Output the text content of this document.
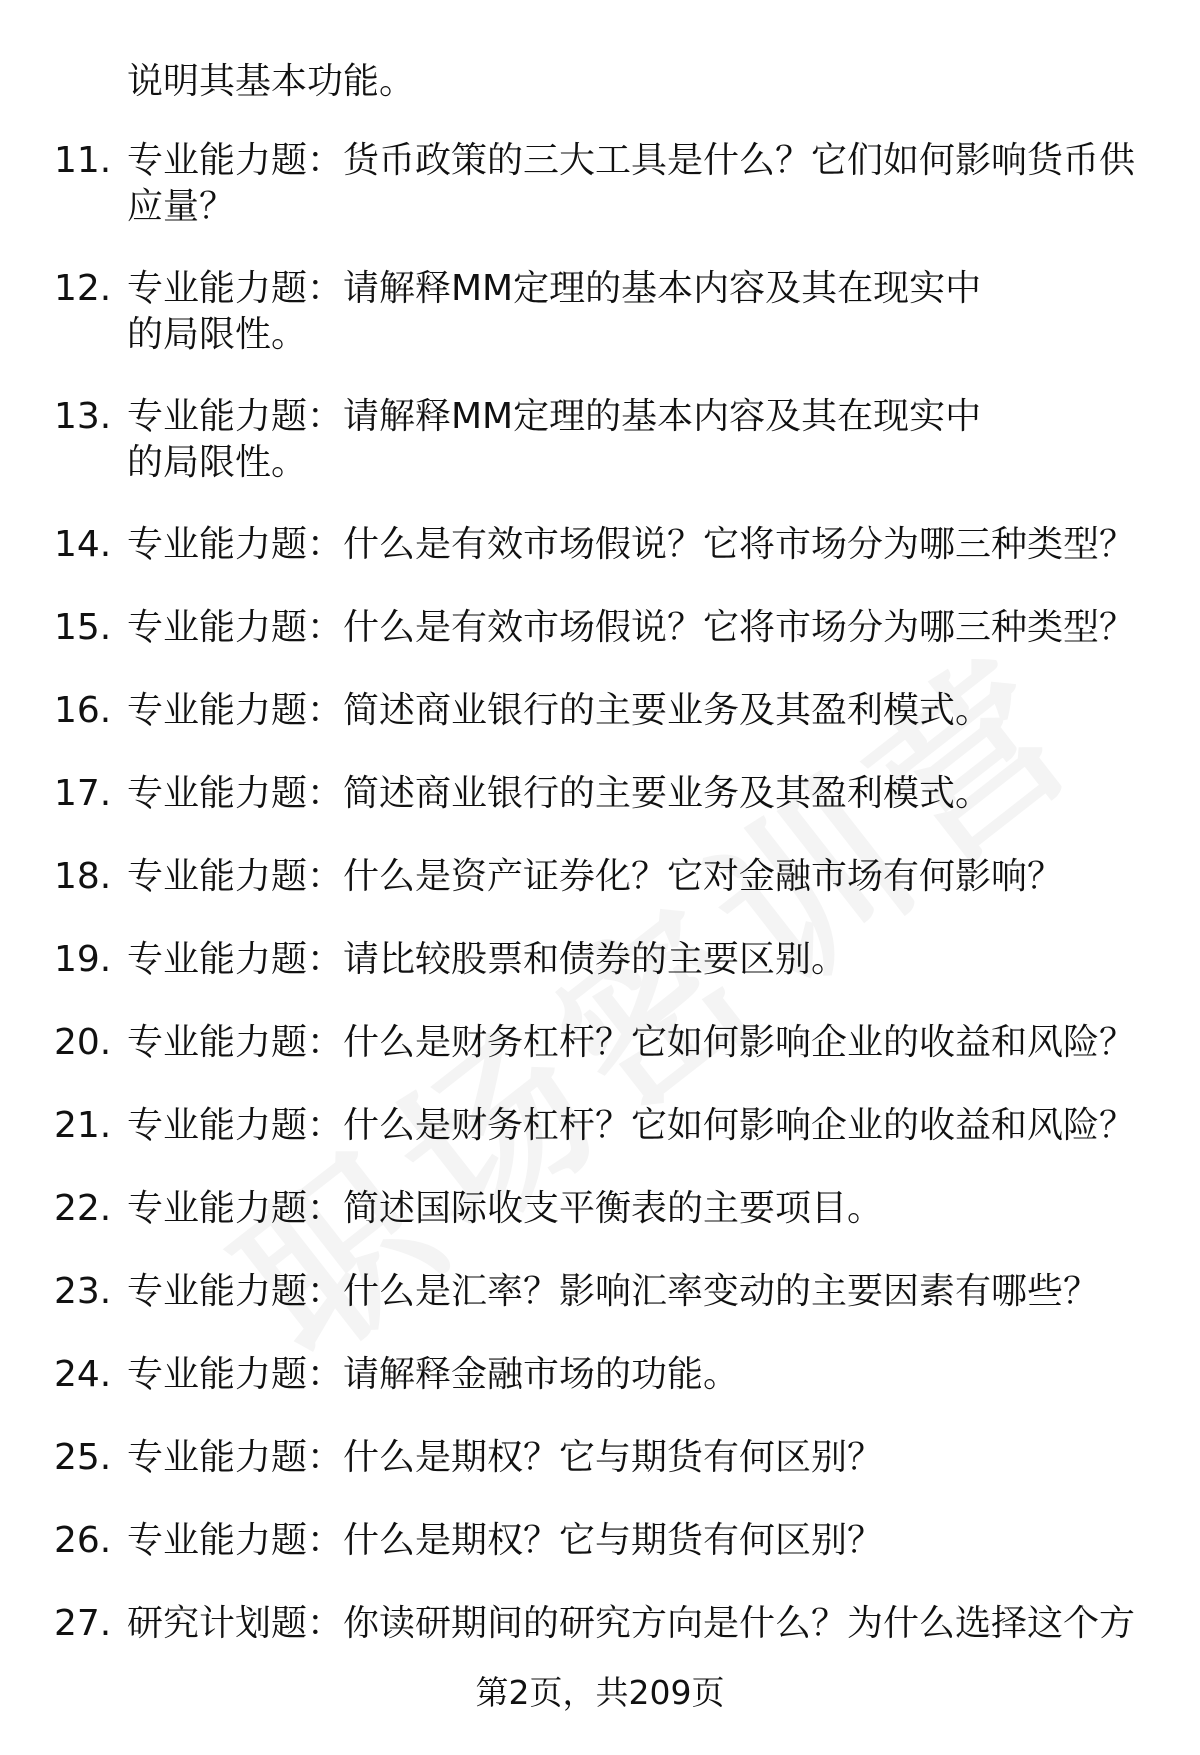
说明其基本功能。
11. 专业能力题：货币政策的三大工具是什么？它们如何影响货币供应量？
12. 专业能力题：请解释MM定理的基本内容及其在现实中的局限性。
13. 专业能力题：请解释MM定理的基本内容及其在现实中的局限性。
14. 专业能力题：什么是有效市场假说？它将市场分为哪三种类型？
15. 专业能力题：什么是有效市场假说？它将市场分为哪三种类型？
16. 专业能力题：简述商业银行的主要业务及其盈利模式。
17. 专业能力题：简述商业银行的主要业务及其盈利模式。
18. 专业能力题：什么是资产证券化？它对金融市场有何影响？
19. 专业能力题：请比较股票和债券的主要区别。
20. 专业能力题：什么是财务杠杆？它如何影响企业的收益和风险？
21. 专业能力题：什么是财务杠杆？它如何影响企业的收益和风险？
22. 专业能力题：简述国际收支平衡表的主要项目。
23. 专业能力题：什么是汇率？影响汇率变动的主要因素有哪些？
24. 专业能力题：请解释金融市场的功能。
25. 专业能力题：什么是期权？它与期货有何区别？
26. 专业能力题：什么是期权？它与期货有何区别？
27. 研究计划题：你读研期间的研究方向是什么？为什么选择这个方
第2页，共209页
